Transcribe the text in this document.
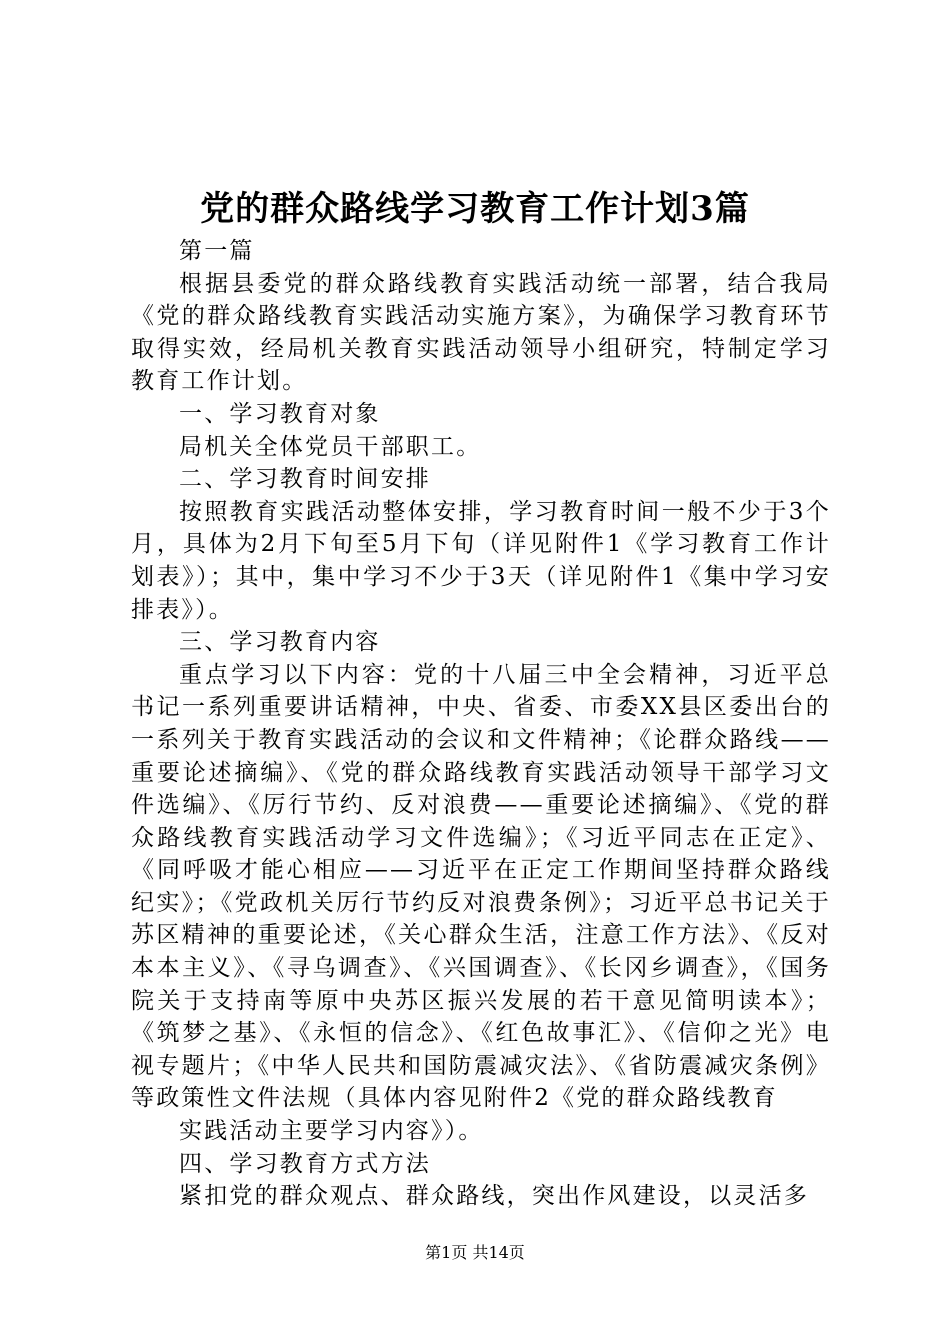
党的群众路线学习教育工作计划3篇

第一篇

根据县委党的群众路线教育实践活动统一部署，结合我局《党的群众路线教育实践活动实施方案》，为确保学习教育环节取得实效，经局机关教育实践活动领导小组研究，特制定学习教育工作计划。

一、学习教育对象

局机关全体党员干部职工。

二、学习教育时间安排

按照教育实践活动整体安排，学习教育时间一般不少于3个月，具体为2月下旬至5月下旬（详见附件1《学习教育工作计划表》）；其中，集中学习不少于3天（详见附件1《集中学习安排表》）。

三、学习教育内容

重点学习以下内容：党的十八届三中全会精神，习近平总书记一系列重要讲话精神，中央、省委、市委XX县区委出台的一系列关于教育实践活动的会议和文件精神；《论群众路线——重要论述摘编》、《党的群众路线教育实践活动领导干部学习文件选编》、《厉行节约、反对浪费——重要论述摘编》、《党的群众路线教育实践活动学习文件选编》；《习近平同志在正定》、《同呼吸才能心相应——习近平在正定工作期间坚持群众路线纪实》；《党政机关厉行节约反对浪费条例》；习近平总书记关于苏区精神的重要论述，《关心群众生活，注意工作方法》、《反对本本主义》、《寻乌调查》、《兴国调查》、《长冈乡调查》，《国务院关于支持南等原中央苏区振兴发展的若干意见简明读本》；《筑梦之基》、《永恒的信念》、《红色故事汇》、《信仰之光》电视专题片；《中华人民共和国防震减灾法》、《省防震减灾条例》等政策性文件法规（具体内容见附件2《党的群众路线教育

实践活动主要学习内容》）。

四、学习教育方式方法

紧扣党的群众观点、群众路线，突出作风建设，以灵活多

第1页 共14页
